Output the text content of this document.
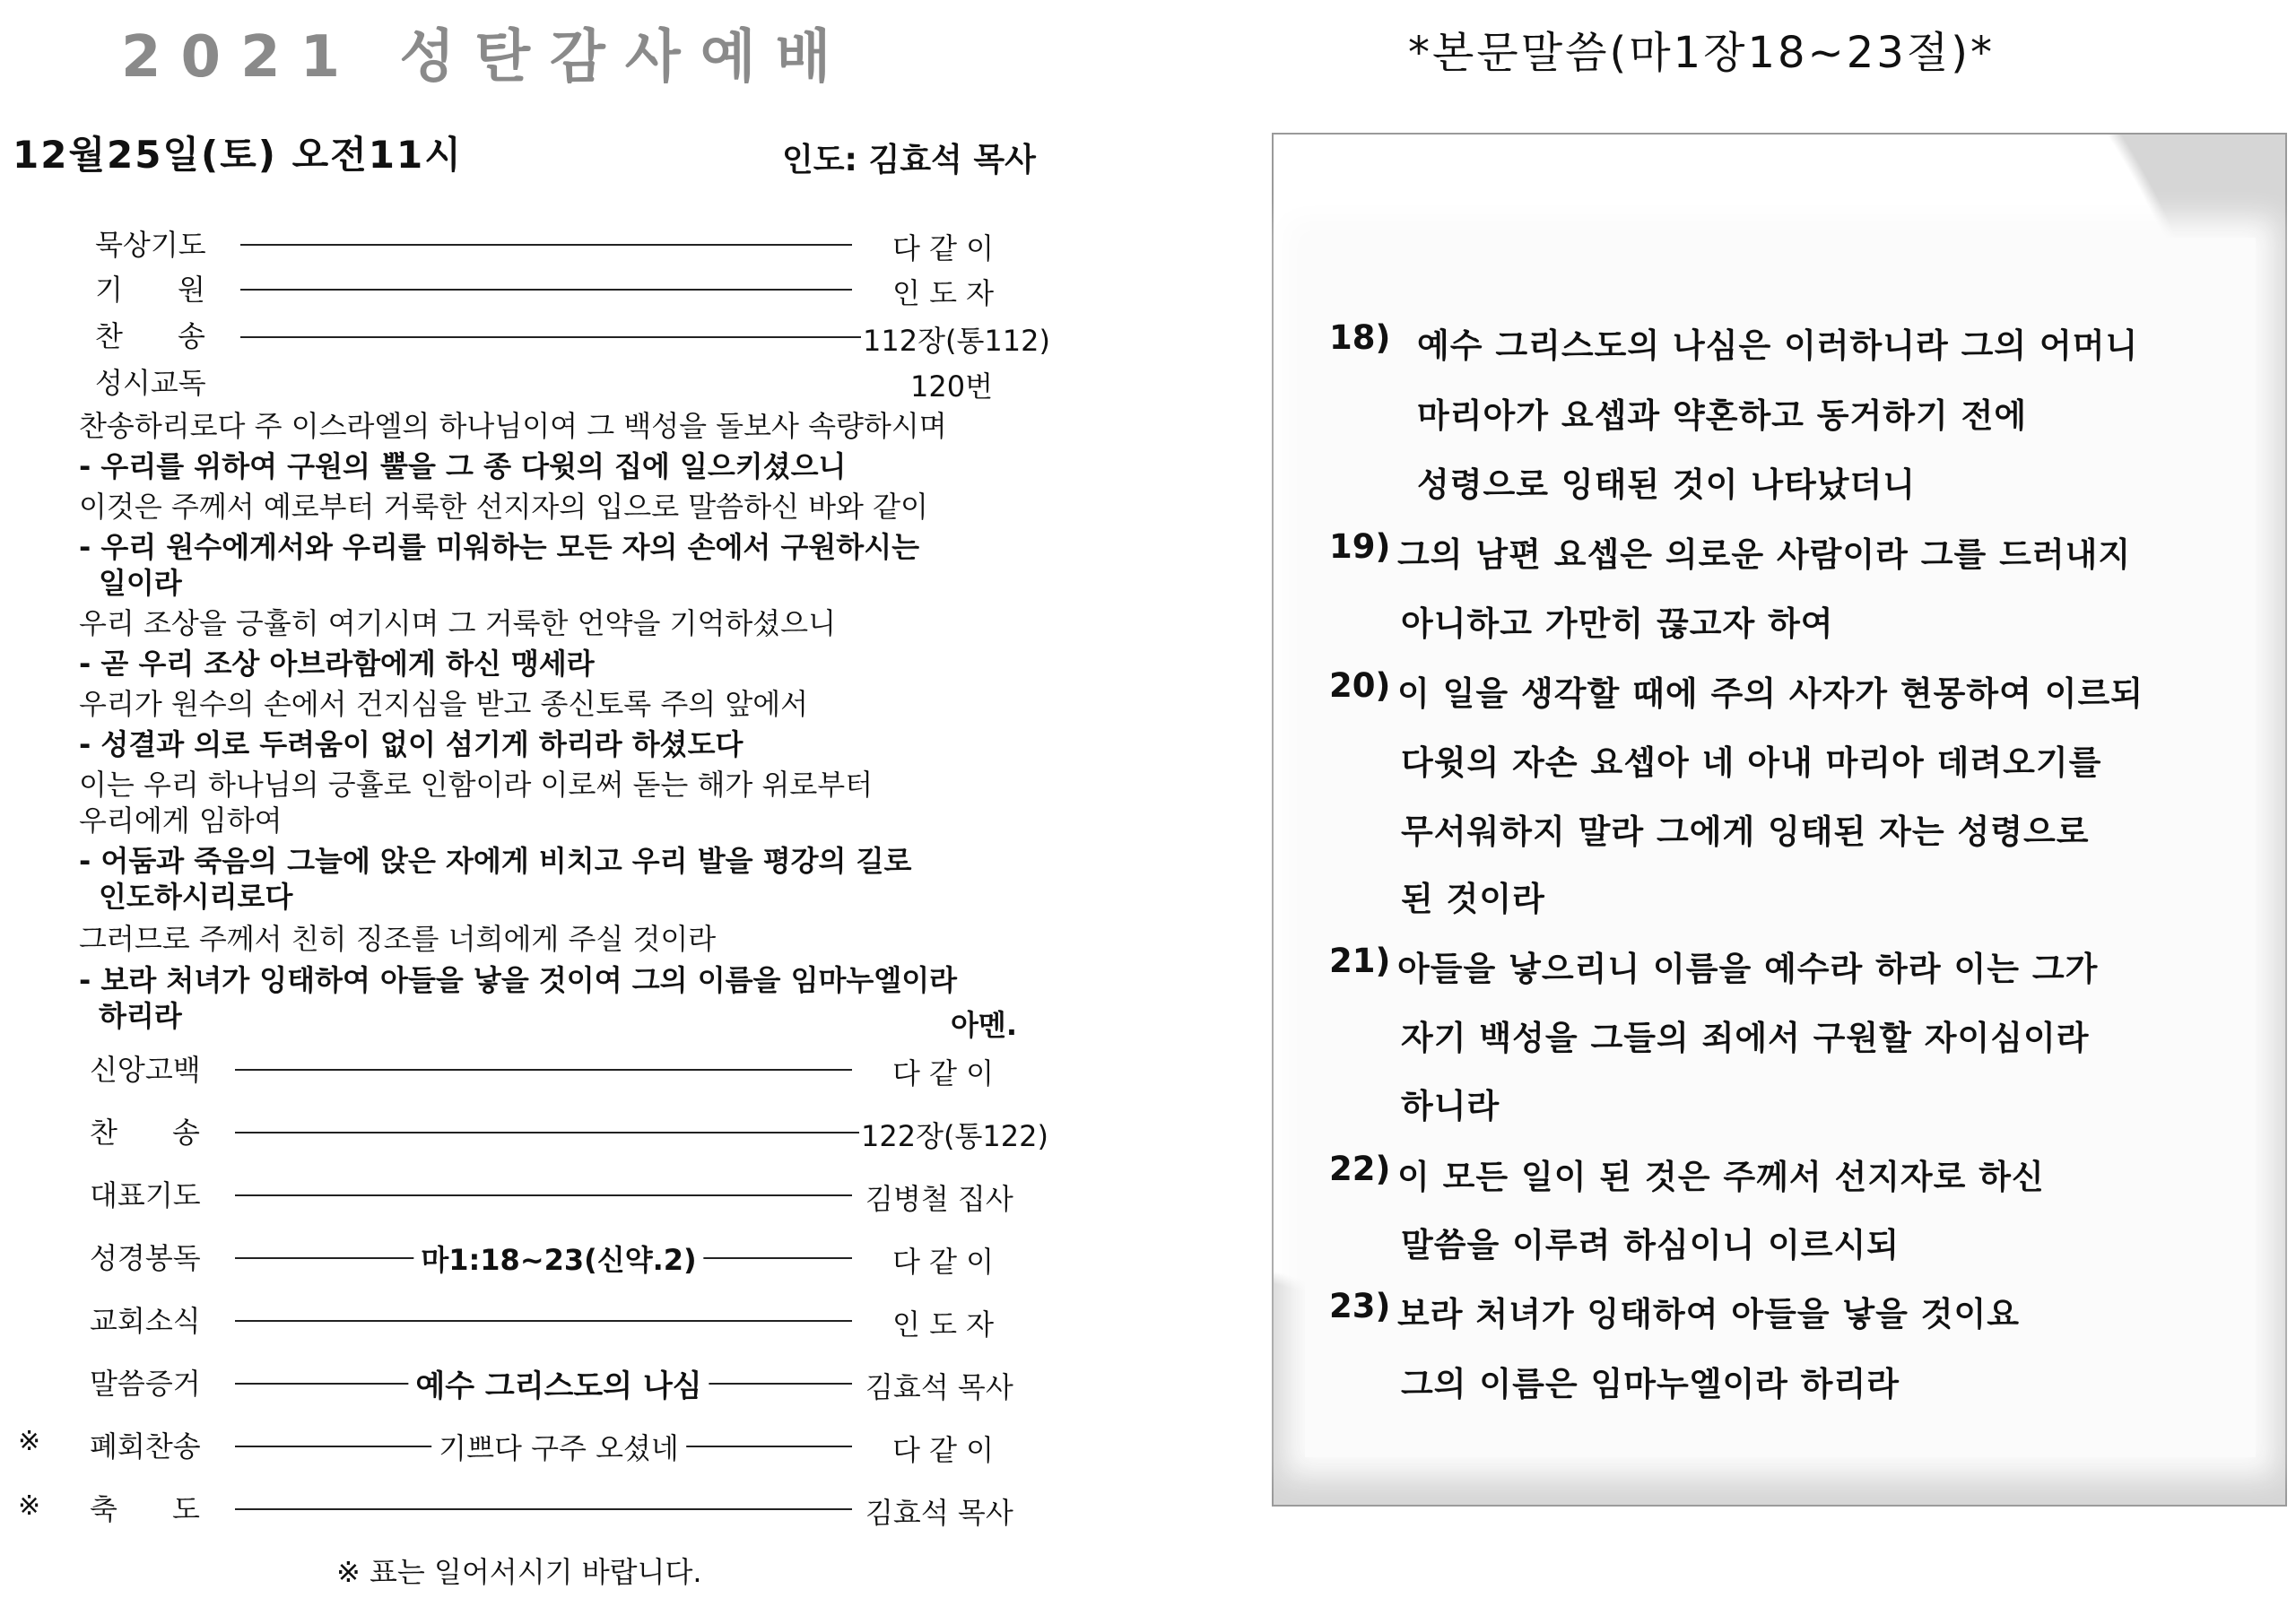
2021 성탄감사예배
12월25일(토) 오전11시	인도: 김효석 목사
묵상기도	다 같 이
기      원	인 도 자
찬      송	112장(통112)
성시교독	120번
찬송하리로다 주 이스라엘의 하나님이여 그 백성을 돌보사 속량하시며
- 우리를 위하여 구원의 뿔을 그 종 다윗의 집에 일으키셨으니
이것은 주께서 예로부터 거룩한 선지자의 입으로 말씀하신 바와 같이
- 우리 원수에게서와 우리를 미워하는 모든 자의 손에서 구원하시는
일이라
우리 조상을 긍휼히 여기시며 그 거룩한 언약을 기억하셨으니
- 곧 우리 조상 아브라함에게 하신 맹세라
우리가 원수의 손에서 건지심을 받고 종신토록 주의 앞에서
- 성결과 의로 두려움이 없이 섬기게 하리라 하셨도다
이는 우리 하나님의 긍휼로 인함이라 이로써 돋는 해가 위로부터
우리에게 임하여
- 어둠과 죽음의 그늘에 앉은 자에게 비치고 우리 발을 평강의 길로
인도하시리로다
그러므로 주께서 친히 징조를 너희에게 주실 것이라
- 보라 처녀가 잉태하여 아들을 낳을 것이여 그의 이름을 임마누엘이라
하리라	아멘.
신앙고백	다 같 이
찬      송	122장(통122)
대표기도	김병철 집사
성경봉독	마1:18~23(신약.2)	다 같 이
교회소식	인 도 자
말씀증거	예수 그리스도의 나심	김효석 목사
※ 폐회찬송	기쁘다 구주 오셨네	다 같 이
※ 축      도	김효석 목사
※ 표는 일어서시기 바랍니다.
*본문말씀(마1장18~23절)*
18) 예수 그리스도의 나심은 이러하니라 그의 어머니
마리아가 요셉과 약혼하고 동거하기 전에
성령으로 잉태된 것이 나타났더니
19) 그의 남편 요셉은 의로운 사람이라 그를 드러내지
아니하고 가만히 끊고자 하여
20) 이 일을 생각할 때에 주의 사자가 현몽하여 이르되
다윗의 자손 요셉아 네 아내 마리아 데려오기를
무서워하지 말라 그에게 잉태된 자는 성령으로
된 것이라
21) 아들을 낳으리니 이름을 예수라 하라 이는 그가
자기 백성을 그들의 죄에서 구원할 자이심이라
하니라
22) 이 모든 일이 된 것은 주께서 선지자로 하신
말씀을 이루려 하심이니 이르시되
23) 보라 처녀가 잉태하여 아들을 낳을 것이요
그의 이름은 임마누엘이라 하리라
